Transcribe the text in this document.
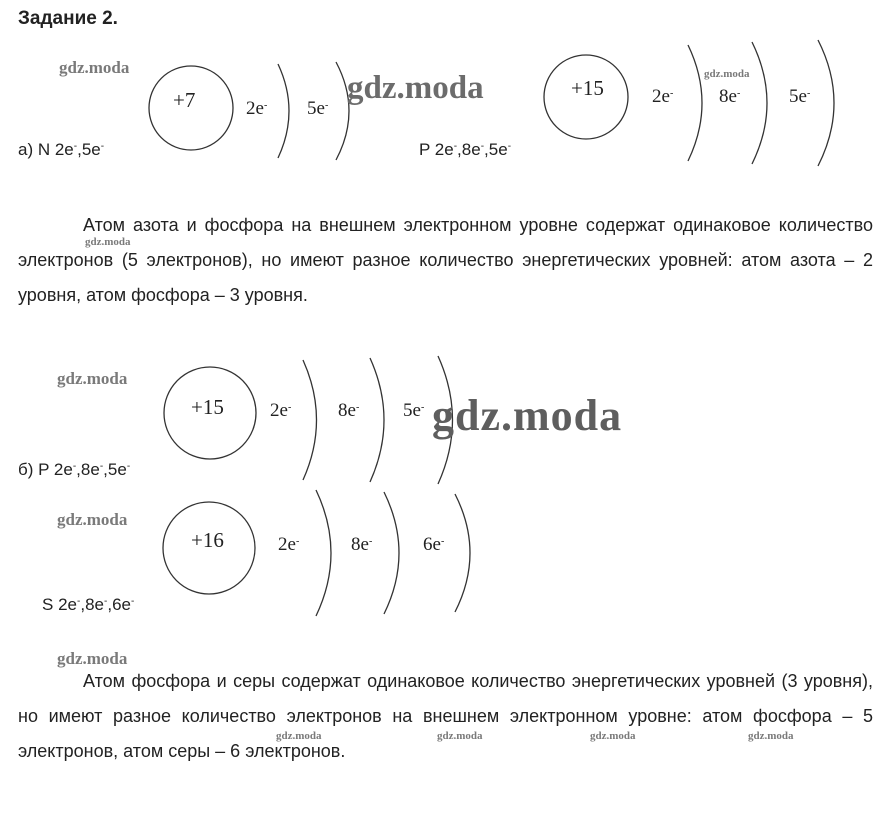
Задание 2.
+7	2e- 5e-
а) N 2e-,5e-
+15	2e- 8e-	5e-
P 2e-,8e-,5e-
Атом азота и фосфора на внешнем электронном уровне содержат одинаковое количество электронов (5 электронов), но имеют разное количество энергетических уровней: атом азота – 2 уровня, атом фосфора – 3 уровня.
+15 2e- 8e- 5e-
б) P 2e-,8e-,5e-
+16	2e-	8e-	6e-
S 2e-,8e-,6e-
Атом фосфора и серы содержат одинаковое количество энергетических уровней (3 уровня), но имеют разное количество электронов на внешнем электронном уровне: атом фосфора – 5 электронов, атом серы – 6 электронов.
gdz.moda
gdz.moda	gdz.moda
gdz.moda
gdz.moda
gdz.moda
gdz.moda
gdz.moda
gdz.moda	gdz.moda	gdz.moda	gdz.moda
